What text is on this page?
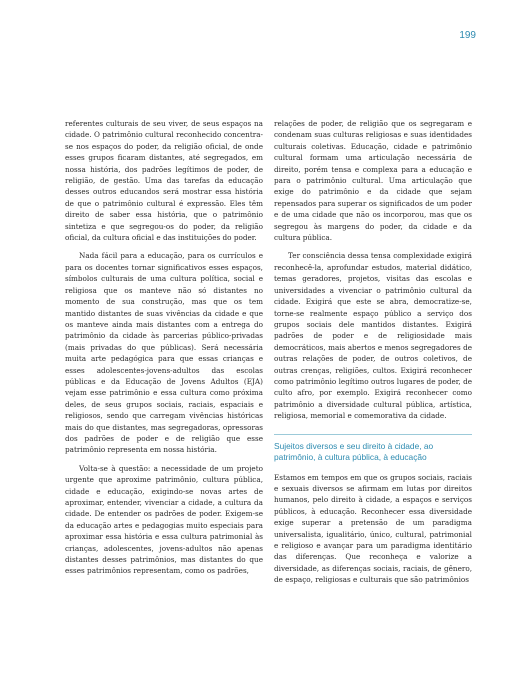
199

referentes culturais de seu viver, de seus espaços na cidade. O patrimônio cultural reconhecido concentra-se nos espaços do poder, da religião oficial, de onde esses grupos ficaram distantes, até segregados, em nossa história, dos padrões legítimos de poder, de religião, de gestão. Uma das tarefas da educação desses outros educandos será mostrar essa história de que o patrimônio cultural é expressão. Eles têm direito de saber essa história, que o patrimônio sintetiza e que segregou-os do poder, da religião oficial, da cultura oficial e das instituições do poder.

Nada fácil para a educação, para os currículos e para os docentes tornar significativos esses espaços, símbolos culturais de uma cultura política, social e religiosa que os manteve não só distantes no momento de sua construção, mas que os tem mantido distantes de suas vivências da cidade e que os manteve ainda mais distantes com a entrega do patrimônio da cidade às parcerias público-privadas (mais privadas do que públicas). Será necessária muita arte pedagógica para que essas crianças e esses adolescentes-jovens-adultos das escolas públicas e da Educação de Jovens Adultos (EJA) vejam esse patrimônio e essa cultura como próxima deles, de seus grupos sociais, raciais, espaciais e religiosos, sendo que carregam vivências históricas mais do que distantes, mas segregadoras, opressoras dos padrões de poder e de religião que esse patrimônio representa em nossa história.

Volta-se à questão: a necessidade de um projeto urgente que aproxime patrimônio, cultura pública, cidade e educação, exigindo-se novas artes de aproximar, entender, vivenciar a cidade, a cultura da cidade. De entender os padrões de poder. Exigem-se da educação artes e pedagogias muito especiais para aproximar essa história e essa cultura patrimonial às crianças, adolescentes, jovens-adultos não apenas distantes desses patrimônios, mas distantes do que esses patrimônios representam, como os padrões,

relações de poder, de religião que os segregaram e condenam suas culturas religiosas e suas identidades culturais coletivas. Educação, cidade e patrimônio cultural formam uma articulação necessária de direito, porém tensa e complexa para a educação e para o patrimônio cultural. Uma articulação que exige do patrimônio e da cidade que sejam repensados para superar os significados de um poder e de uma cidade que não os incorporou, mas que os segregou às margens do poder, da cidade e da cultura pública.

Ter consciência dessa tensa complexidade exigirá reconhecê-la, aprofundar estudos, material didático, temas geradores, projetos, visitas das escolas e universidades a vivenciar o patrimônio cultural da cidade. Exigirá que este se abra, democratize-se, torne-se realmente espaço público a serviço dos grupos sociais dele mantidos distantes. Exigirá padrões de poder e de religiosidade mais democráticos, mais abertos e menos segregadores de outras relações de poder, de outros coletivos, de outras crenças, religiões, cultos. Exigirá reconhecer como patrimônio legítimo outros lugares de poder, de culto afro, por exemplo. Exigirá reconhecer como patrimônio a diversidade cultural pública, artística, religiosa, memorial e comemorativa da cidade.

Sujeitos diversos e seu direito à cidade, ao patrimônio, à cultura pública, à educação

Estamos em tempos em que os grupos sociais, raciais e sexuais diversos se afirmam em lutas por direitos humanos, pelo direito à cidade, a espaços e serviços públicos, à educação. Reconhecer essa diversidade exige superar a pretensão de um paradigma universalista, igualitário, único, cultural, patrimonial e religioso e avançar para um paradigma identitário das diferenças. Que reconheça e valorize a diversidade, as diferenças sociais, raciais, de gênero, de espaço, religiosas e culturais que são patrimônios
